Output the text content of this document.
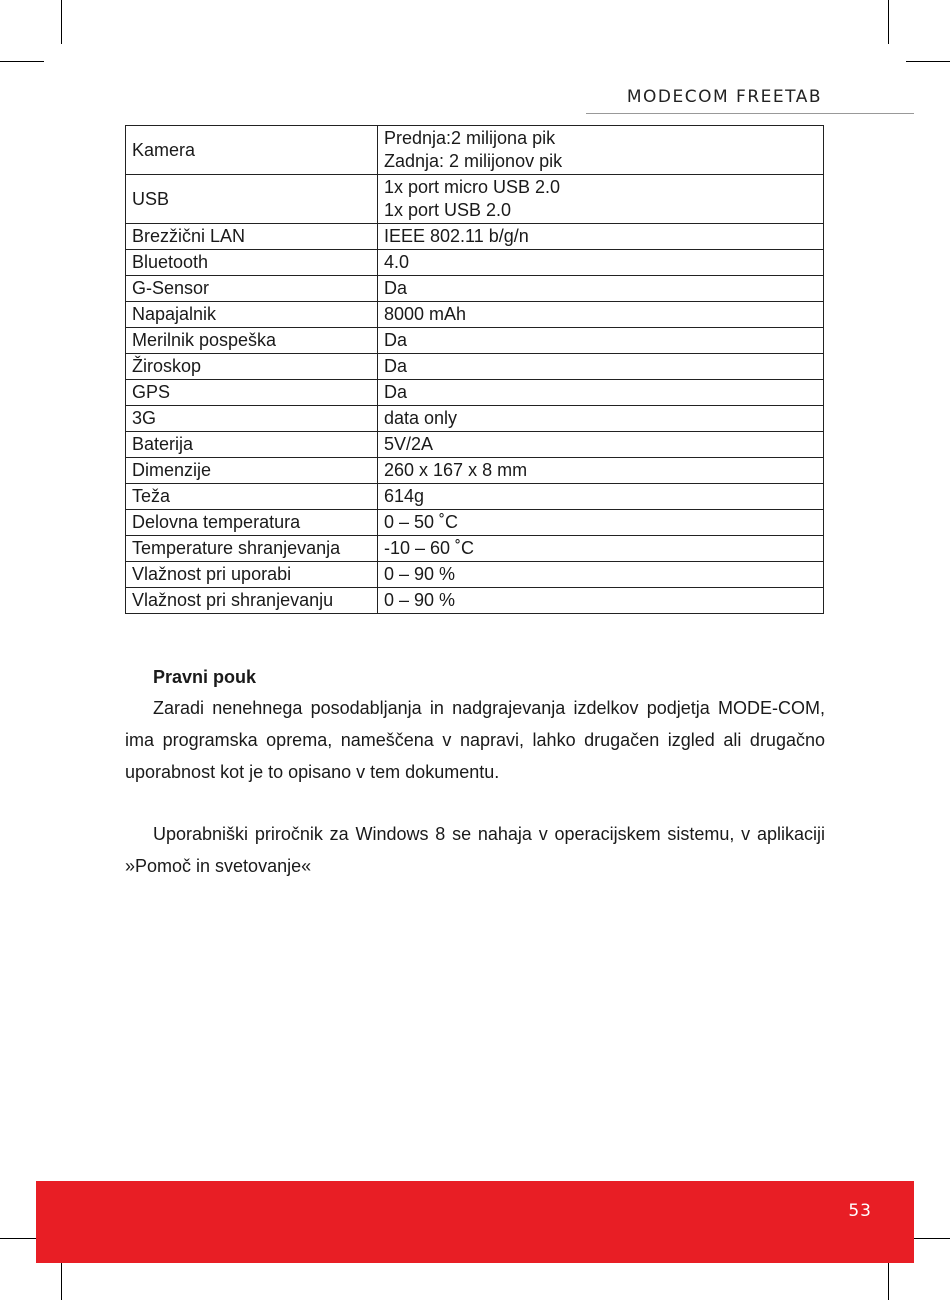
MODECOM FREETAB
Kamera	Prednja:2 milijona pik
Zadnja: 2 milijonov pik

USB	1x port micro USB 2.0
1x port USB 2.0

Brezžični LAN	IEEE 802.11 b/g/n

Bluetooth	4.0

G-Sensor	Da

Napajalnik	8000 mAh

Merilnik pospeška	Da

Žiroskop	Da

GPS	Da

3G	data only

Baterija	5V/2A

Dimenzije	260 x 167 x 8 mm

Teža	614g

Delovna temperatura	0 – 50 ˚C

Temperature shranjevanja	-10 – 60 ˚C

Vlažnost pri uporabi	0 – 90 %

Vlažnost pri shranjevanju	0 – 90 %

Pravni pouk

Zaradi nenehnega posodabljanja in nadgrajevanja izdelkov podjetja MODE-COM, ima programska oprema, nameščena v napravi, lahko drugačen izgled ali drugačno uporabnost kot je to opisano v tem dokumentu.

Uporabniški priročnik za Windows 8 se nahaja v operacijskem sistemu, v aplikaciji »Pomoč in svetovanje«

53
